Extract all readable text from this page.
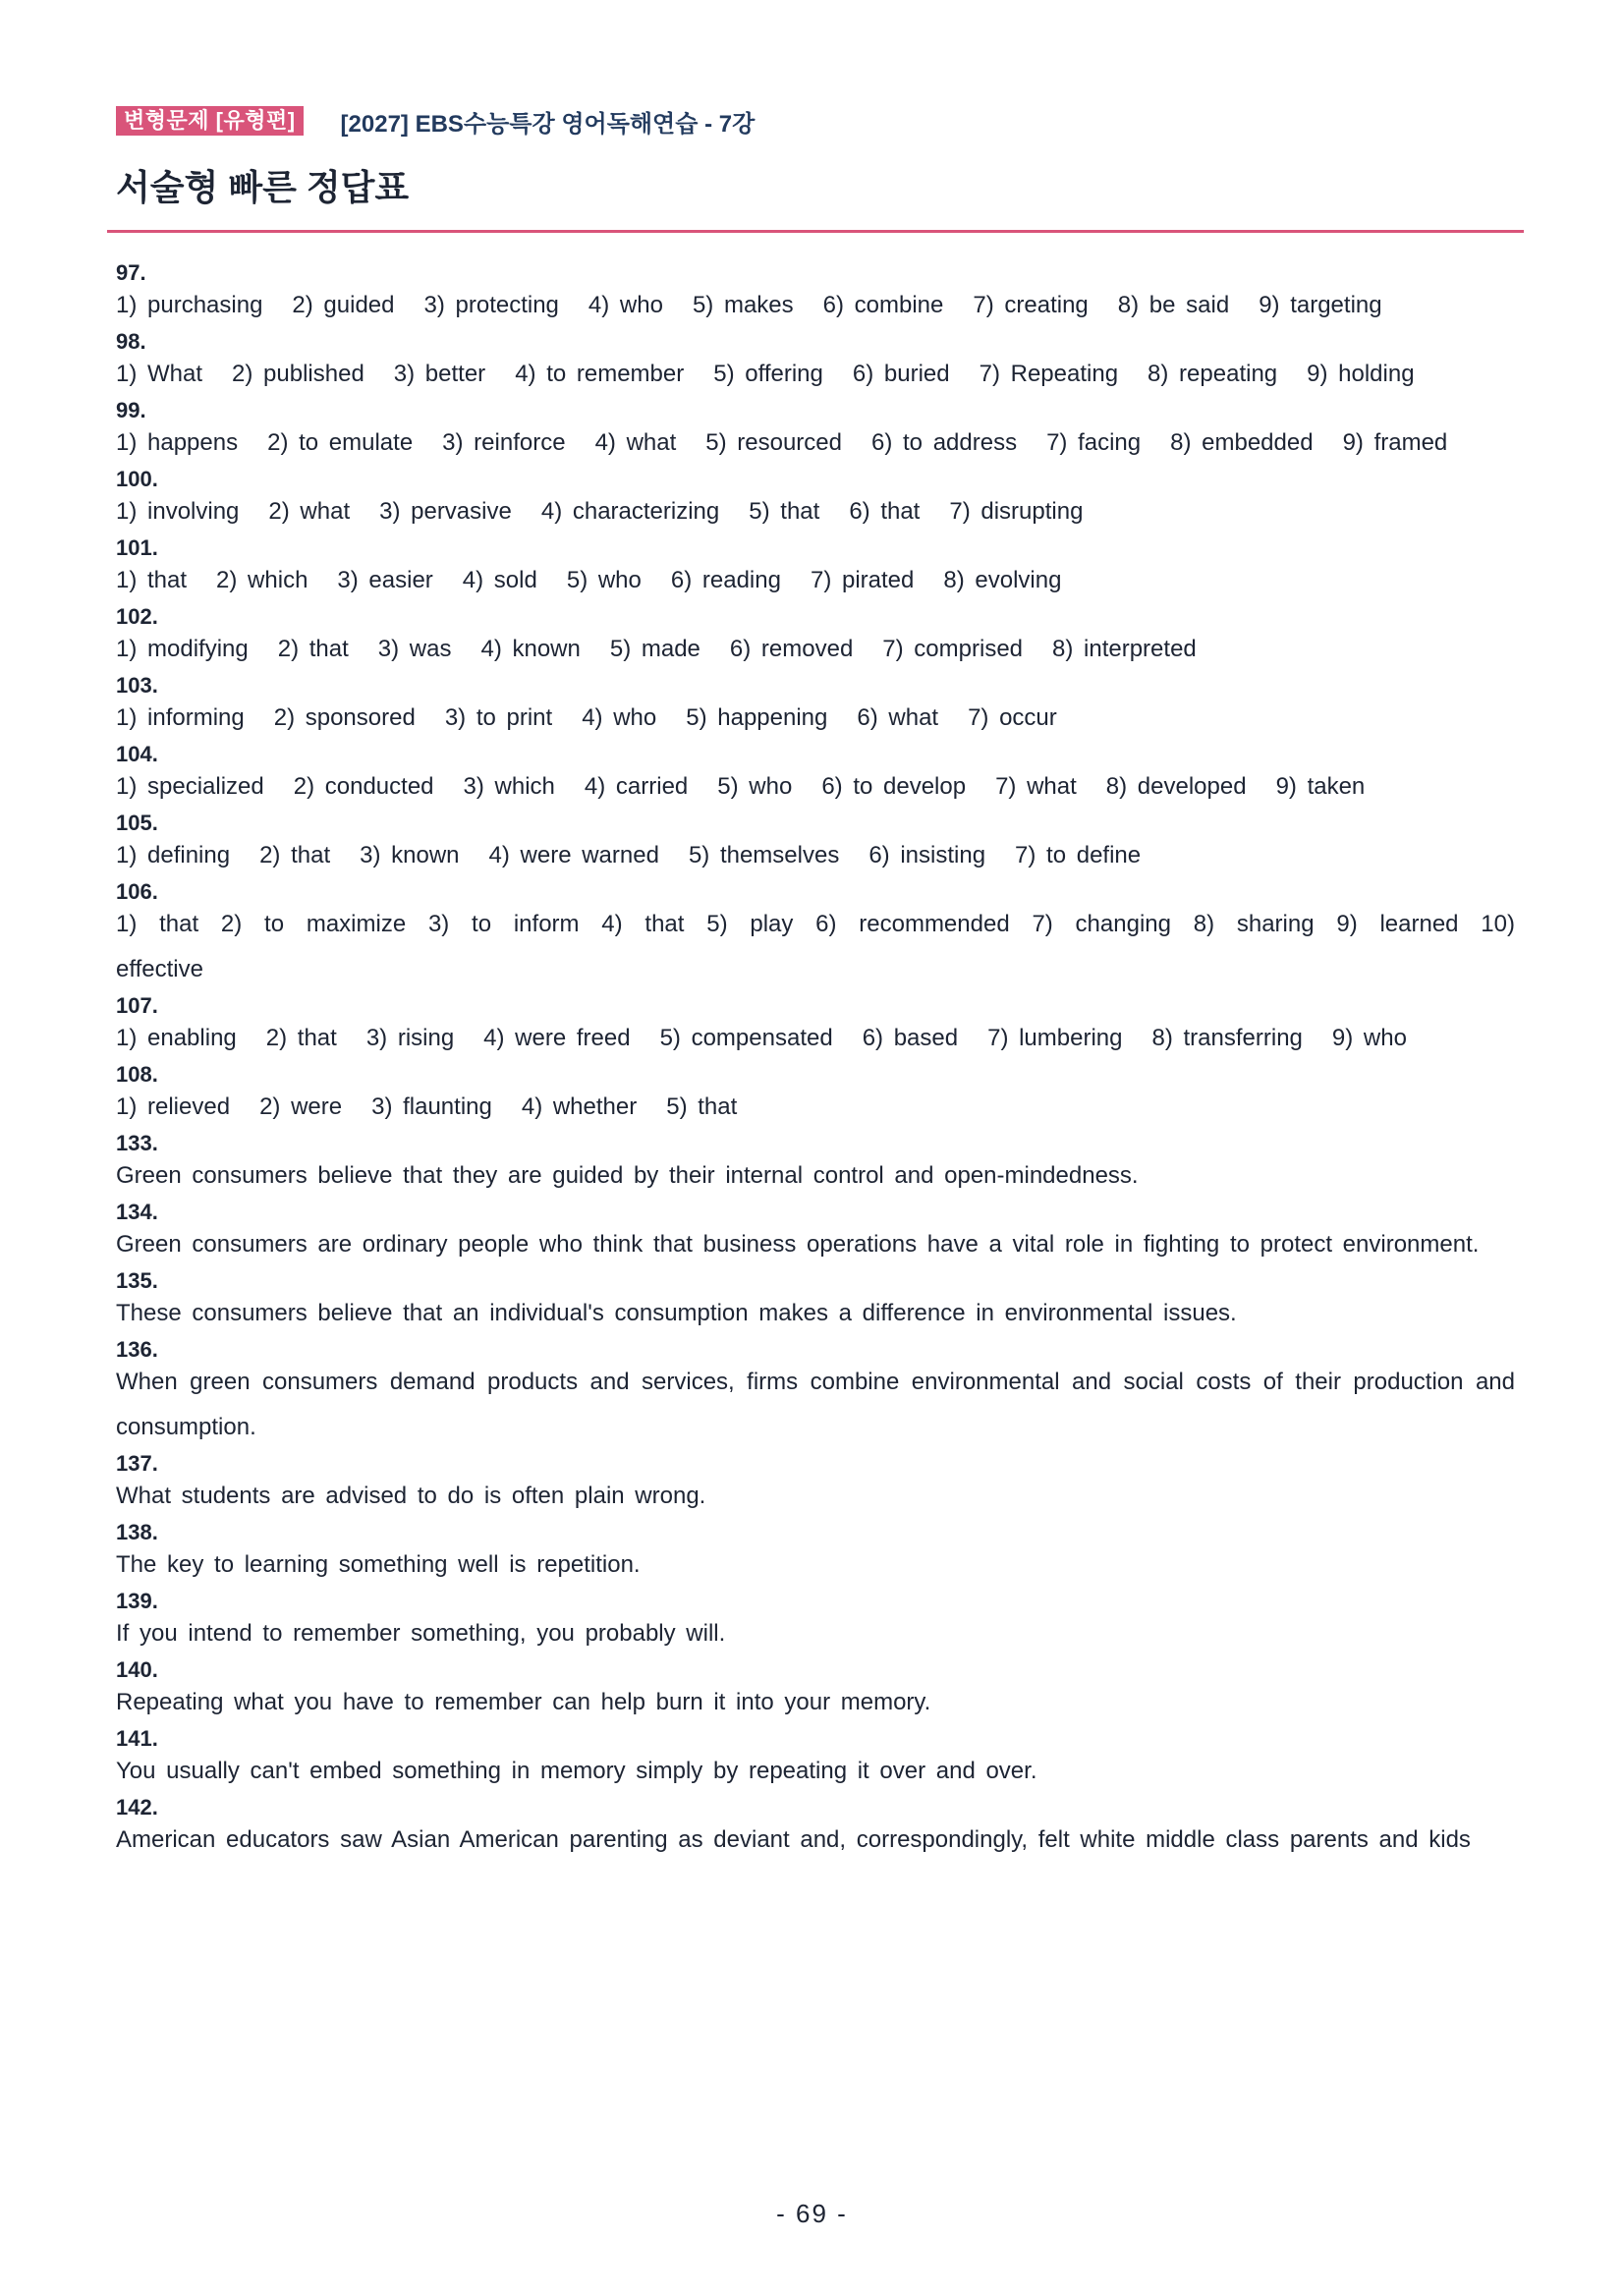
변형문제 [유형편]	[2027] EBS수능특강 영어독해연습 - 7강
서술형 빠른 정답표
97.
1) purchasing 2) guided 3) protecting 4) who 5) makes 6) combine 7) creating 8) be said 9) targeting
98.
1) What 2) published 3) better 4) to remember 5) offering 6) buried 7) Repeating 8) repeating 9) holding
99.
1) happens 2) to emulate 3) reinforce 4) what 5) resourced 6) to address 7) facing 8) embedded 9) framed
100.
1) involving 2) what 3) pervasive 4) characterizing 5) that 6) that 7) disrupting
101.
1) that 2) which 3) easier 4) sold 5) who 6) reading 7) pirated 8) evolving
102.
1) modifying 2) that 3) was 4) known 5) made 6) removed 7) comprised 8) interpreted
103.
1) informing 2) sponsored 3) to print 4) who 5) happening 6) what 7) occur
104.
1) specialized 2) conducted 3) which 4) carried 5) who 6) to develop 7) what 8) developed 9) taken
105.
1) defining 2) that 3) known 4) were warned 5) themselves 6) insisting 7) to define
106.
1) that 2) to maximize 3) to inform 4) that 5) play 6) recommended 7) changing 8) sharing 9) learned 10) effective
107.
1) enabling 2) that 3) rising 4) were freed 5) compensated 6) based 7) lumbering 8) transferring 9) who
108.
1) relieved 2) were 3) flaunting 4) whether 5) that
133.
Green consumers believe that they are guided by their internal control and open-mindedness.
134.
Green consumers are ordinary people who think that business operations have a vital role in fighting to protect environment.
135.
These consumers believe that an individual's consumption makes a difference in environmental issues.
136.
When green consumers demand products and services, firms combine environmental and social costs of their production and consumption.
137.
What students are advised to do is often plain wrong.
138.
The key to learning something well is repetition.
139.
If you intend to remember something, you probably will.
140.
Repeating what you have to remember can help burn it into your memory.
141.
You usually can't embed something in memory simply by repeating it over and over.
142.
American educators saw Asian American parenting as deviant and, correspondingly, felt white middle class parents and kids
- 69 -
